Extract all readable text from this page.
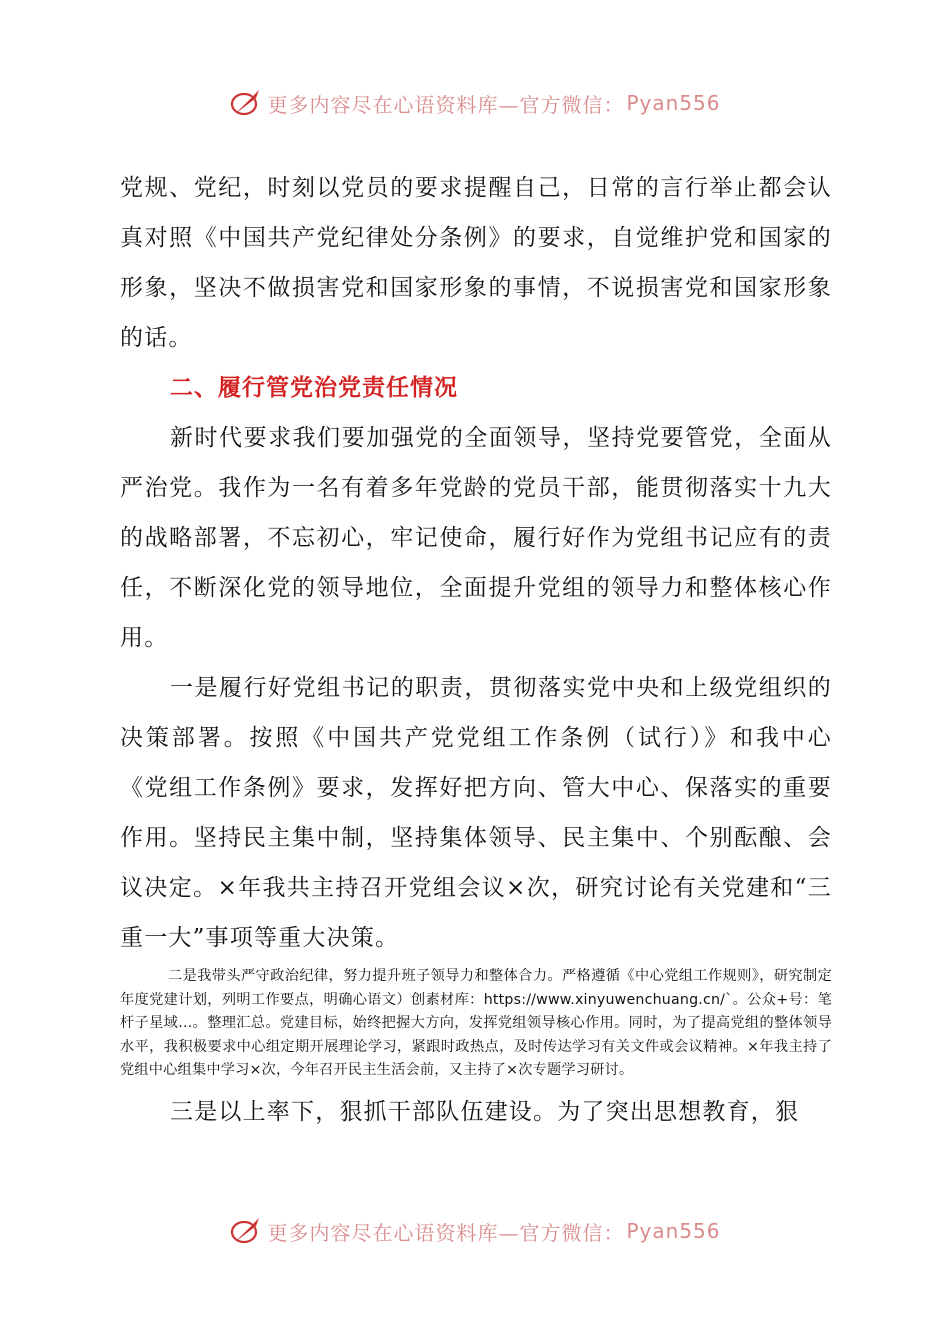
更多内容尽在心语资料库—官方微信： Pyan556

党规、党纪，时刻以党员的要求提醒自己，日常的言行举止都会认真对照《中国共产党纪律处分条例》的要求，自觉维护党和国家的形象，坚决不做损害党和国家形象的事情，不说损害党和国家形象的话。

二、履行管党治党责任情况

新时代要求我们要加强党的全面领导，坚持党要管党，全面从严治党。我作为一名有着多年党龄的党员干部，能贯彻落实十九大的战略部署，不忘初心，牢记使命，履行好作为党组书记应有的责任，不断深化党的领导地位，全面提升党组的领导力和整体核心作用。

一是履行好党组书记的职责，贯彻落实党中央和上级党组织的决策部署。按照《中国共产党党组工作条例（试行）》和我中心《党组工作条例》要求，发挥好把方向、管大中心、保落实的重要作用。坚持民主集中制，坚持集体领导、民主集中、个别酝酿、会议决定。×年我共主持召开党组会议×次，研究讨论有关党建和“三重一大”事项等重大决策。

二是我带头严守政治纪律，努力提升班子领导力和整体合力。严格遵循《中心党组工作规则》，研究制定年度党建计划，列明工作要点，明确心语文）创素材库：https://www.xinyuwenchuang.cn/`。公众+号：笔杆子星域…。整理汇总。党建目标，始终把握大方向，发挥党组领导核心作用。同时，为了提高党组的整体领导水平，我积极要求中心组定期开展理论学习，紧跟时政热点，及时传达学习有关文件或会议精神。×年我主持了党组中心组集中学习×次，今年召开民主生活会前，又主持了×次专题学习研讨。

三是以上率下，狠抓干部队伍建设。为了突出思想教育，狠

更多内容尽在心语资料库—官方微信： Pyan556
